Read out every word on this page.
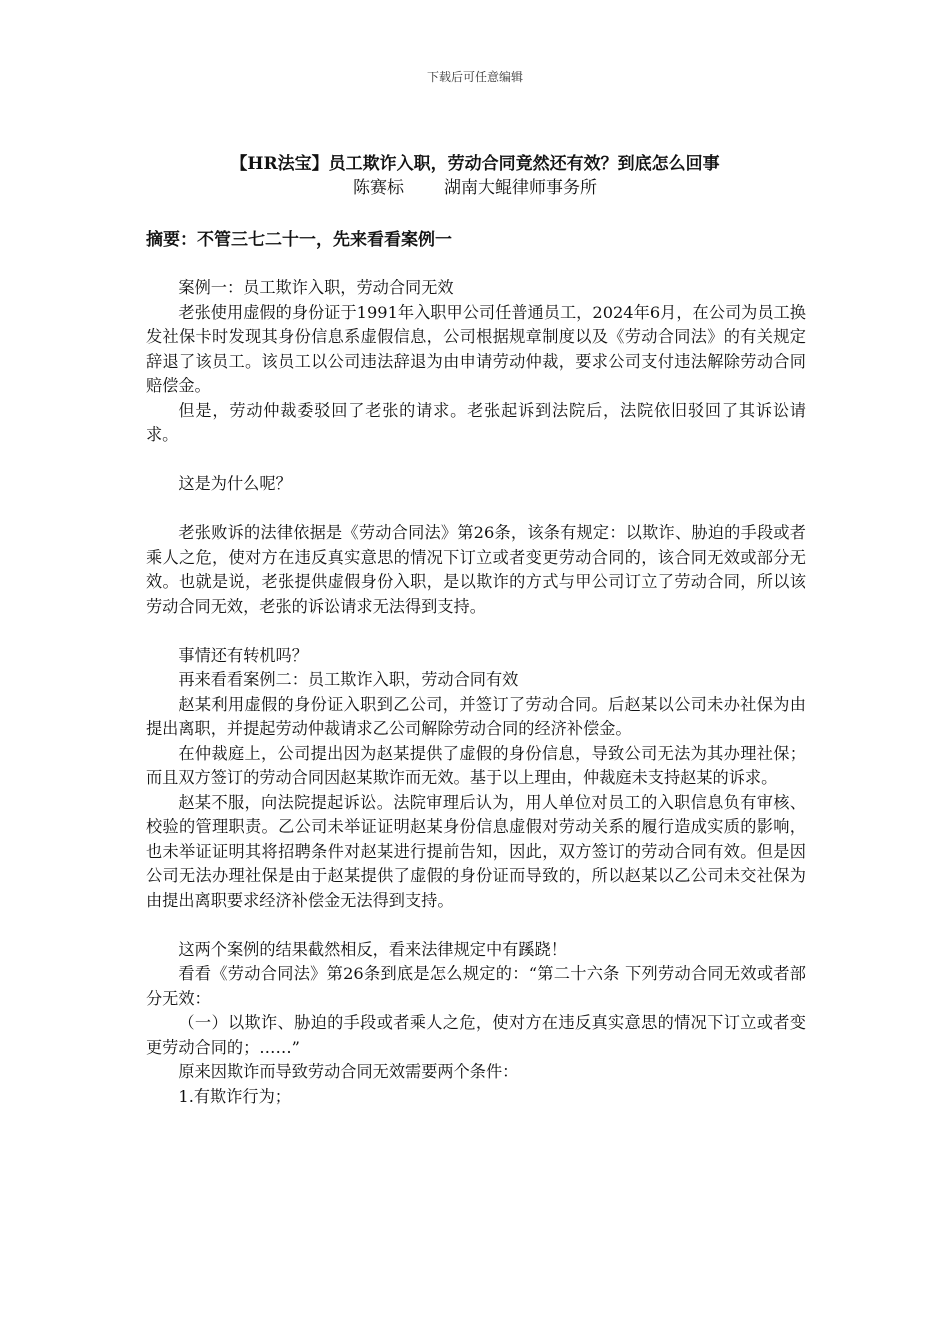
下载后可任意编辑
【HR法宝】员工欺诈入职，劳动合同竟然还有效？到底怎么回事
陈赛标 湖南大鲲律师事务所
摘要：不管三七二十一，先来看看案例一

案例一：员工欺诈入职，劳动合同无效

老张使用虚假的身份证于1991年入职甲公司任普通员工，2024年6月，在公司为员工换发社保卡时发现其身份信息系虚假信息，公司根据规章制度以及《劳动合同法》的有关规定辞退了该员工。该员工以公司违法辞退为由申请劳动仲裁，要求公司支付违法解除劳动合同赔偿金。

但是，劳动仲裁委驳回了老张的请求。老张起诉到法院后，法院依旧驳回了其诉讼请求。

这是为什么呢？

老张败诉的法律依据是《劳动合同法》第26条，该条有规定：以欺诈、胁迫的手段或者乘人之危，使对方在违反真实意思的情况下订立或者变更劳动合同的，该合同无效或部分无效。也就是说，老张提供虚假身份入职，是以欺诈的方式与甲公司订立了劳动合同，所以该劳动合同无效，老张的诉讼请求无法得到支持。

事情还有转机吗？

再来看看案例二：员工欺诈入职，劳动合同有效

赵某利用虚假的身份证入职到乙公司，并签订了劳动合同。后赵某以公司未办社保为由提出离职，并提起劳动仲裁请求乙公司解除劳动合同的经济补偿金。

在仲裁庭上，公司提出因为赵某提供了虚假的身份信息，导致公司无法为其办理社保；而且双方签订的劳动合同因赵某欺诈而无效。基于以上理由，仲裁庭未支持赵某的诉求。

赵某不服，向法院提起诉讼。法院审理后认为，用人单位对员工的入职信息负有审核、校验的管理职责。乙公司未举证证明赵某身份信息虚假对劳动关系的履行造成实质的影响，也未举证证明其将招聘条件对赵某进行提前告知，因此，双方签订的劳动合同有效。但是因公司无法办理社保是由于赵某提供了虚假的身份证而导致的，所以赵某以乙公司未交社保为由提出离职要求经济补偿金无法得到支持。

这两个案例的结果截然相反，看来法律规定中有蹊跷！

看看《劳动合同法》第26条到底是怎么规定的：“第二十六条 下列劳动合同无效或者部分无效：

（一）以欺诈、胁迫的手段或者乘人之危，使对方在违反真实意思的情况下订立或者变更劳动合同的；……”

原来因欺诈而导致劳动合同无效需要两个条件：

1.有欺诈行为；
